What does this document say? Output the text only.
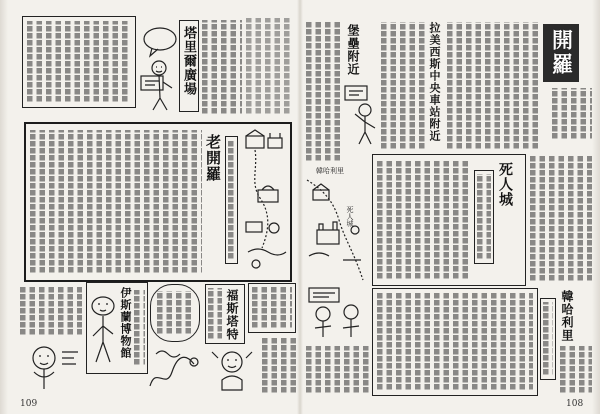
塔里爾廣場
老開羅
伊斯蘭博物館	福斯塔特
109
堡壘附近	拉美西斯中央車站附近	開羅
韓哈利里
死人城
死人城
韓哈利里
108
